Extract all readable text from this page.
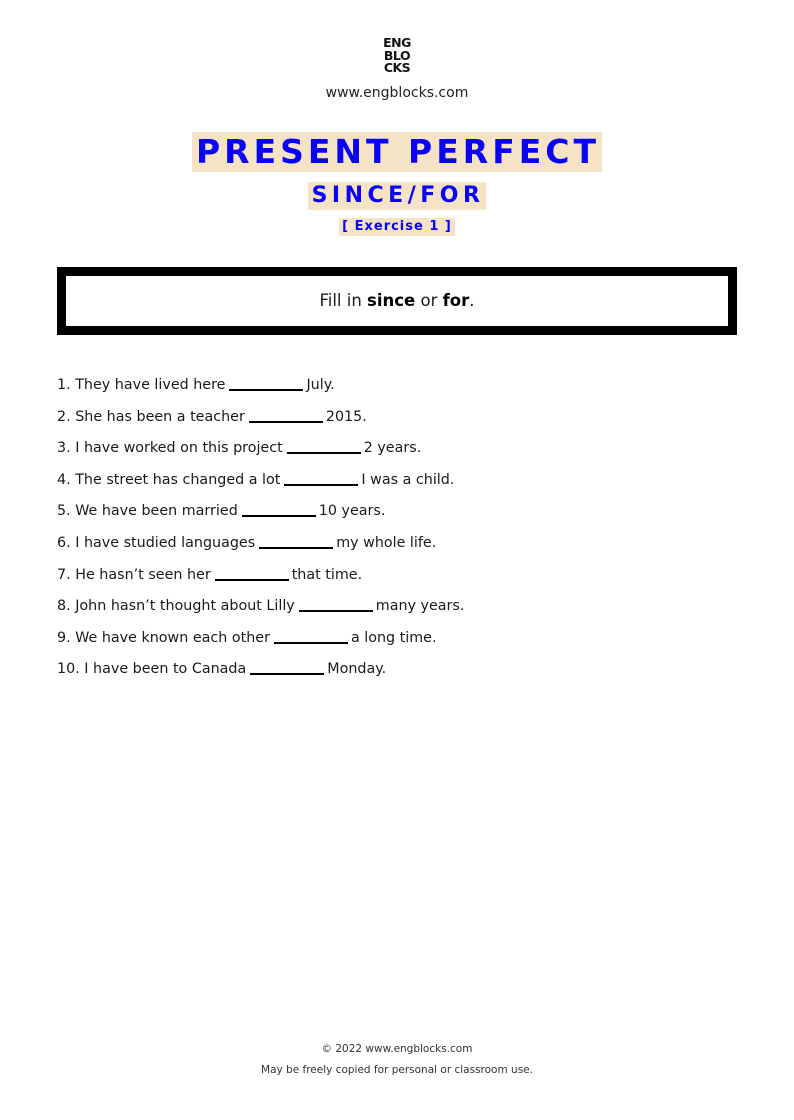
ENG
BLO
CKS
www.engblocks.com
PRESENT PERFECT
SINCE/FOR
[ Exercise 1 ]
Fill in since or for.
1. They have lived here	July.
2. She has been a teacher	2015.
3. I have worked on this project	2 years.
4. The street has changed a lot	I was a child.
5. We have been married	10 years.
6. I have studied languages	my whole life.
7. He hasn’t seen her	that time.
8. John hasn’t thought about Lilly	many years.
9. We have known each other	a long time.
10. I have been to Canada	Monday.
© 2022 www.engblocks.com
May be freely copied for personal or classroom use.
